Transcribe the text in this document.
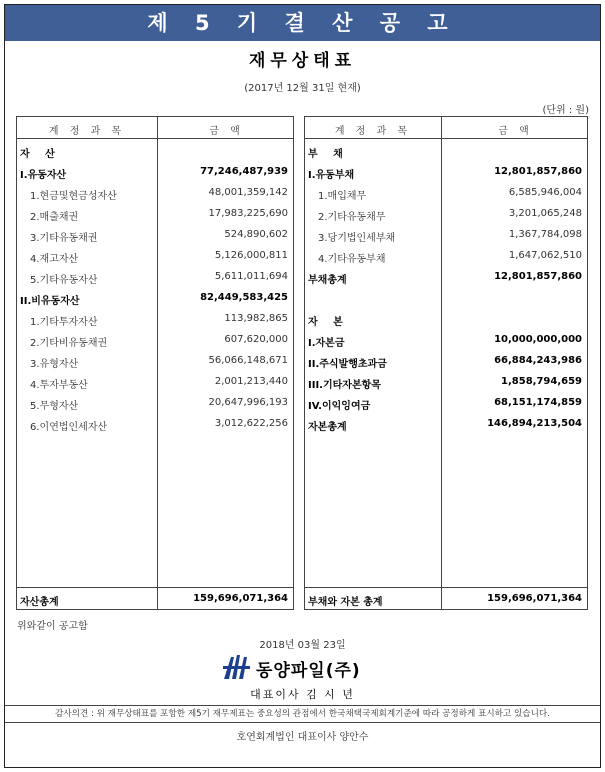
제 5 기 결 산 공 고
재무상태표
(2017년 12월 31일 현재)
(단위 : 원)
계 정 과 목	금 액
자 산
I.유동자산	77,246,487,939
1.현금및현금성자산	48,001,359,142
2.매출채권	17,983,225,690
3.기타유동채권	524,890,602
4.재고자산	5,126,000,811
5.기타유동자산	5,611,011,694
II.비유동자산	82,449,583,425
1.기타투자자산	113,982,865
2.기타비유동채권	607,620,000
3.유형자산	56,066,148,671
4.투자부동산	2,001,213,440
5.무형자산	20,647,996,193
6.이연법인세자산	3,012,622,256
자산총계	159,696,071,364
계 정 과 목	금 액
부 채
I.유동부채	12,801,857,860
1.매입채무	6,585,946,004
2.기타유동채무	3,201,065,248
3.당기법인세부채	1,367,784,098
4.기타유동부채	1,647,062,510
부채총계	12,801,857,860
자 본
I.자본금	10,000,000,000
II.주식발행초과금	66,884,243,986
III.기타자본항목	1,858,794,659
IV.이익잉여금	68,151,174,859
자본총계	146,894,213,504
부채와 자본 총계	159,696,071,364
위와같이 공고함
2018년 03월 23일
동양파일(주)
대표이사 김 시 년
감사의견 : 위 재무상태표를 포함한 제5기 재무제표는 중요성의 관점에서 한국채택국제회계기준에 따라 공정하게 표시하고 있습니다.
호연회계법인 대표이사 양안수
